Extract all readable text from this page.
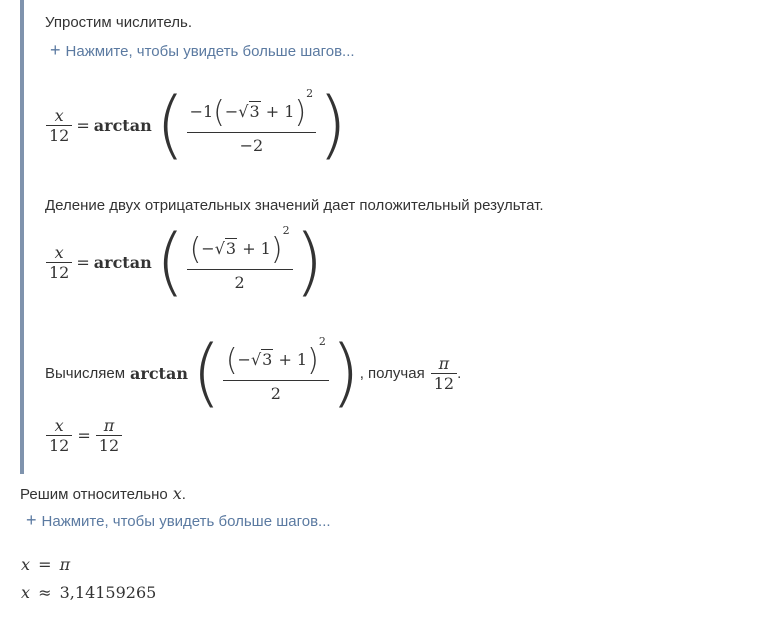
Упростим числитель.
+ Нажмите, чтобы увидеть больше шагов...
$\frac{x}{12} = \arctan$ ( $\frac{-1(-√3 + 1)^2}{-2}$ )
Деление двух отрицательных значений дает положительный результат.
$\frac{x}{12} = \arctan$ ( $\frac{(-√3 + 1)^2}{2}$ )
Вычисляем arctan ( $\frac{(-√3 + 1)^2}{2}$ ) , получая $\frac{\pi}{12}$ .
$\frac{x}{12} = \frac{\pi}{12}$
Решим относительно x .
+ Нажмите, чтобы увидеть больше шагов...
x = π
x ≈ 3,14159265
